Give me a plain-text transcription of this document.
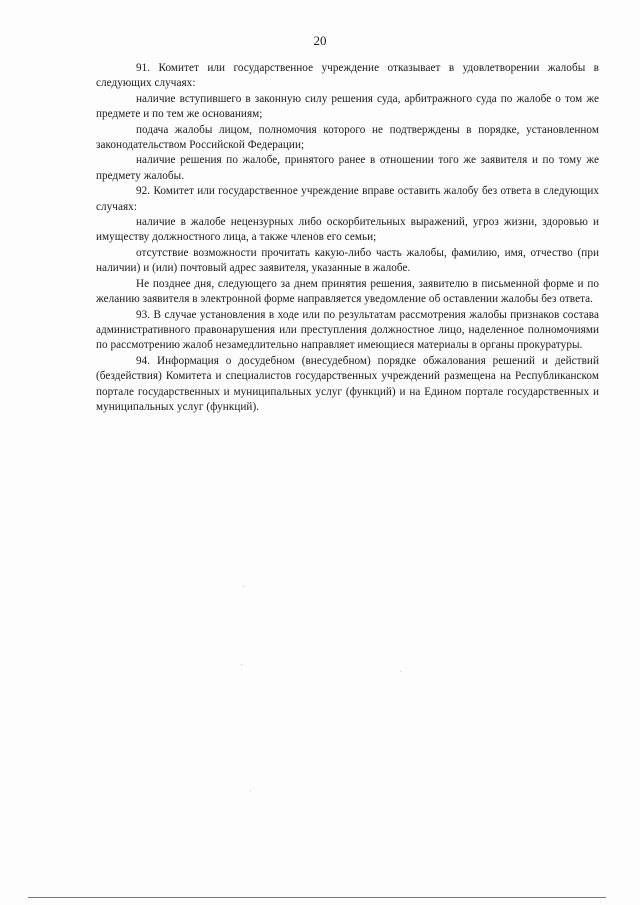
20

91. Комитет или государственное учреждение отказывает в удовлетворении жалобы в следующих случаях:

наличие вступившего в законную силу решения суда, арбитражного суда по жалобе о том же предмете и по тем же основаниям;

подача жалобы лицом, полномочия которого не подтверждены в порядке, установленном законодательством Российской Федерации;

наличие решения по жалобе, принятого ранее в отношении того же заявителя и по тому же предмету жалобы.

92. Комитет или государственное учреждение вправе оставить жалобу без ответа в следующих случаях:

наличие в жалобе нецензурных либо оскорбительных выражений, угроз жизни, здоровью и имуществу должностного лица, а также членов его семьи;

отсутствие возможности прочитать какую-либо часть жалобы, фамилию, имя, отчество (при наличии) и (или) почтовый адрес заявителя, указанные в жалобе.

Не позднее дня, следующего за днем принятия решения, заявителю в письменной форме и по желанию заявителя в электронной форме направляется уведомление об оставлении жалобы без ответа.

93. В случае установления в ходе или по результатам рассмотрения жалобы признаков состава административного правонарушения или преступления должностное лицо, наделенное полномочиями по рассмотрению жалоб незамедлительно направляет имеющиеся материалы в органы прокуратуры.

94. Информация о досудебном (внесудебном) порядке обжалования решений и действий (бездействия) Комитета и специалистов государственных учреждений размещена на Республиканском портале государственных и муниципальных услуг (функций) и на Едином портале государственных и муниципальных услуг (функций).
